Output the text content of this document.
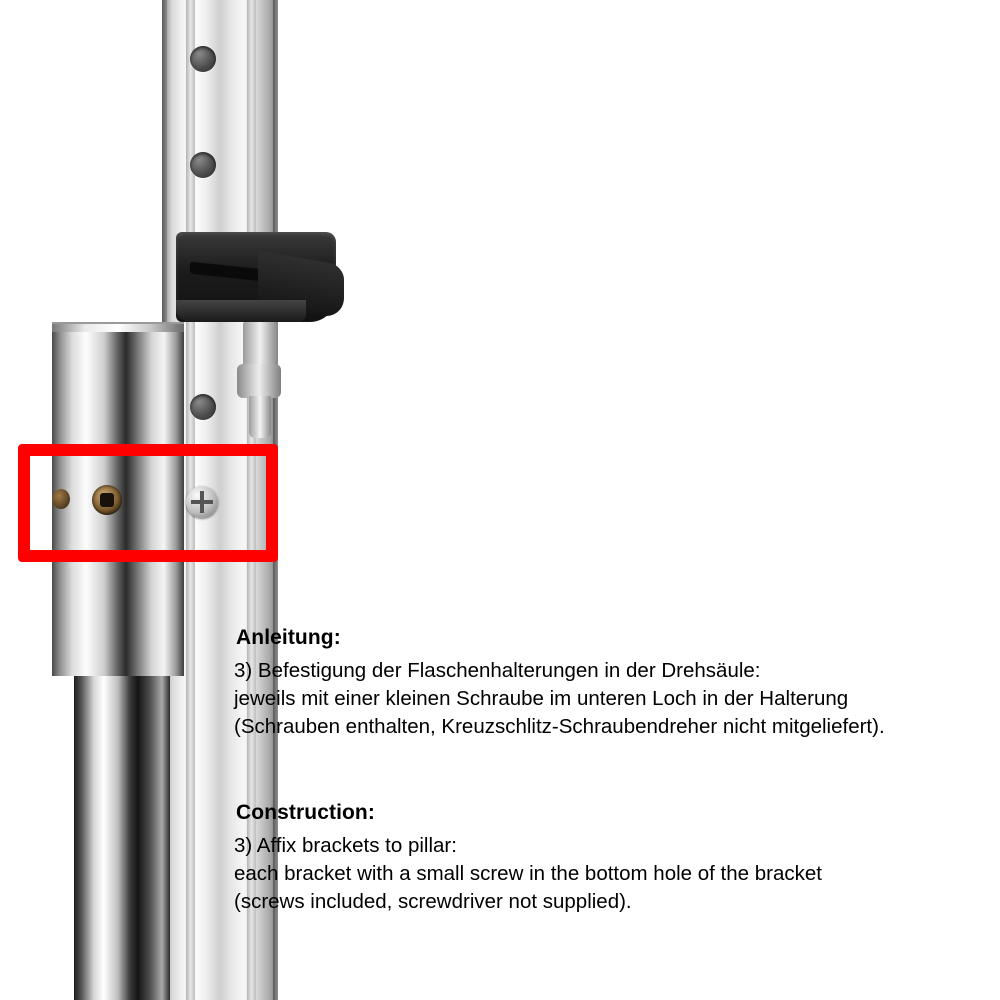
Anleitung:

3) Befestigung der Flaschenhalterungen in der Drehsäule:

jeweils mit einer kleinen Schraube im unteren Loch in der Halterung

(Schrauben enthalten, Kreuzschlitz-Schraubendreher nicht mitgeliefert).

Construction:

3) Affix brackets to pillar:

each bracket with a small screw in the bottom hole of the bracket

(screws included, screwdriver not supplied).
